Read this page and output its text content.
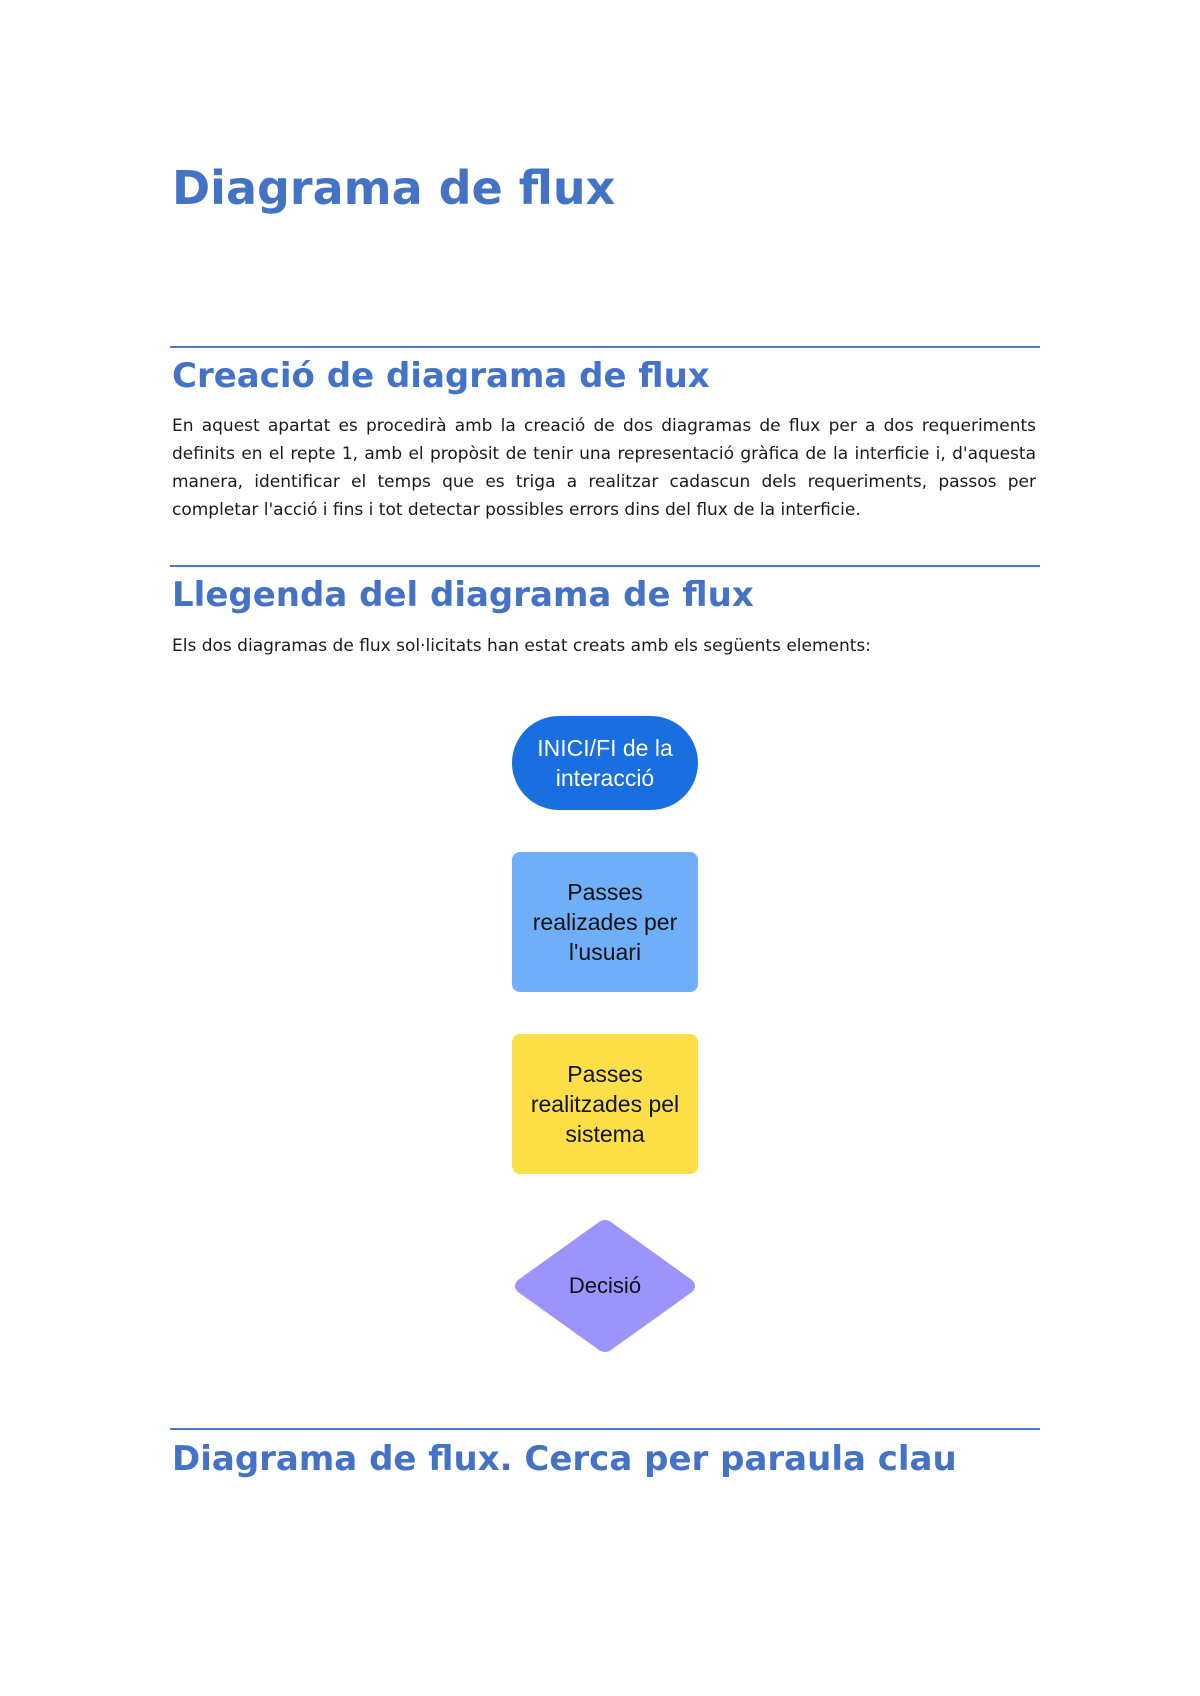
Diagrama de flux
Creació de diagrama de flux

En aquest apartat es procedirà amb la creació de dos diagramas de flux per a dos requeriments definits en el repte 1, amb el propòsit de tenir una representació gràfica de la interficie i, d'aquesta manera, identificar el temps que es triga a realitzar cadascun dels requeriments, passos per completar l'acció i fins i tot detectar possibles errors dins del flux de la interficie.

Llegenda del diagrama de flux

Els dos diagramas de flux sol·licitats han estat creats amb els següents elements:

INICI/FI de la interacció
Passes realizades per l'usuari
Passes realitzades pel sistema
Decisió
Diagrama de flux. Cerca per paraula clau
